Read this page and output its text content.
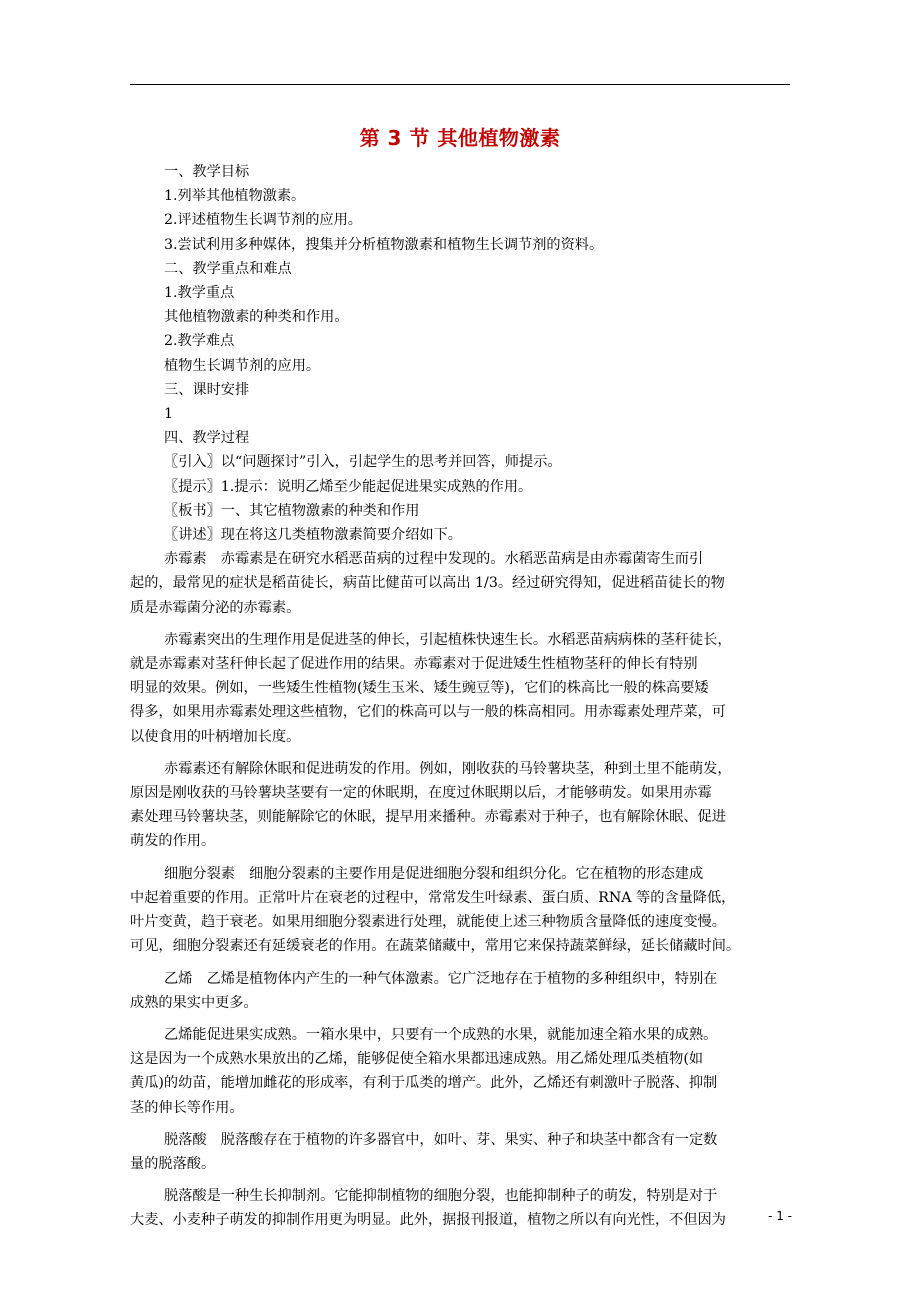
第 3 节 其他植物激素
一、教学目标
1.列举其他植物激素。
2.评述植物生长调节剂的应用。
3.尝试利用多种媒体，搜集并分析植物激素和植物生长调节剂的资料。
二、教学重点和难点
1.教学重点
其他植物激素的种类和作用。
2.教学难点
植物生长调节剂的应用。
三、课时安排
1
四、教学过程
〖引入〗以“问题探讨”引入，引起学生的思考并回答，师提示。
〖提示〗1.提示：说明乙烯至少能起促进果实成熟的作用。
〖板书〗一、其它植物激素的种类和作用
〖讲述〗现在将这几类植物激素简要介绍如下。
赤霉素　赤霉素是在研究水稻恶苗病的过程中发现的。水稻恶苗病是由赤霉菌寄生而引
起的，最常见的症状是稻苗徒长，病苗比健苗可以高出 1/3。经过研究得知，促进稻苗徒长的物
质是赤霉菌分泌的赤霉素。
赤霉素突出的生理作用是促进茎的伸长，引起植株快速生长。水稻恶苗病病株的茎秆徒长，
就是赤霉素对茎秆伸长起了促进作用的结果。赤霉素对于促进矮生性植物茎秆的伸长有特别
明显的效果。例如，一些矮生性植物(矮生玉米、矮生豌豆等)，它们的株高比一般的株高要矮
得多，如果用赤霉素处理这些植物，它们的株高可以与一般的株高相同。用赤霉素处理芹菜，可
以使食用的叶柄增加长度。
赤霉素还有解除休眠和促进萌发的作用。例如，刚收获的马铃薯块茎，种到土里不能萌发，
原因是刚收获的马铃薯块茎要有一定的休眠期，在度过休眠期以后，才能够萌发。如果用赤霉
素处理马铃薯块茎，则能解除它的休眠，提早用来播种。赤霉素对于种子，也有解除休眠、促进
萌发的作用。
细胞分裂素　细胞分裂素的主要作用是促进细胞分裂和组织分化。它在植物的形态建成
中起着重要的作用。正常叶片在衰老的过程中，常常发生叶绿素、蛋白质、RNA 等的含量降低，
叶片变黄，趋于衰老。如果用细胞分裂素进行处理，就能使上述三种物质含量降低的速度变慢。
可见，细胞分裂素还有延缓衰老的作用。在蔬菜储藏中，常用它来保持蔬菜鲜绿，延长储藏时间。
乙烯　乙烯是植物体内产生的一种气体激素。它广泛地存在于植物的多种组织中，特别在
成熟的果实中更多。
乙烯能促进果实成熟。一箱水果中，只要有一个成熟的水果，就能加速全箱水果的成熟。
这是因为一个成熟水果放出的乙烯，能够促使全箱水果都迅速成熟。用乙烯处理瓜类植物(如
黄瓜)的幼苗，能增加雌花的形成率，有利于瓜类的增产。此外，乙烯还有刺激叶子脱落、抑制
茎的伸长等作用。
脱落酸　脱落酸存在于植物的许多器官中，如叶、芽、果实、种子和块茎中都含有一定数
量的脱落酸。
脱落酸是一种生长抑制剂。它能抑制植物的细胞分裂，也能抑制种子的萌发，特别是对于
大麦、小麦种子萌发的抑制作用更为明显。此外，据报刊报道，植物之所以有向光性，不但因为	- 1 -
